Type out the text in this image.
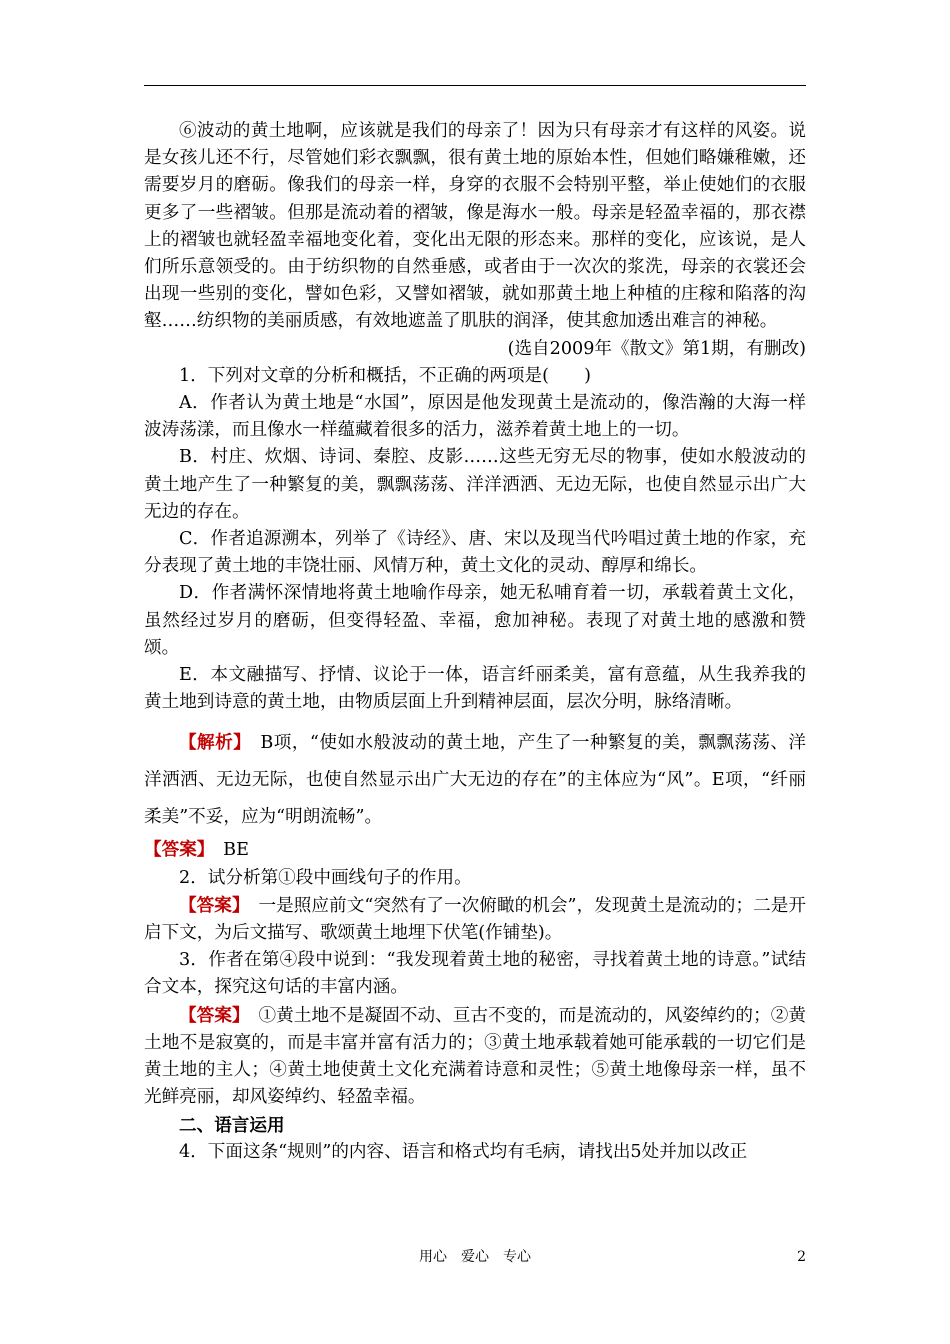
⑥波动的黄土地啊，应该就是我们的母亲了！因为只有母亲才有这样的风姿。说是女孩儿还不行，尽管她们彩衣飘飘，很有黄土地的原始本性，但她们略嫌稚嫩，还需要岁月的磨砺。像我们的母亲一样，身穿的衣服不会特别平整，举止使她们的衣服更多了一些褶皱。但那是流动着的褶皱，像是海水一般。母亲是轻盈幸福的，那衣襟上的褶皱也就轻盈幸福地变化着，变化出无限的形态来。那样的变化，应该说，是人们所乐意领受的。由于纺织物的自然垂感，或者由于一次次的浆洗，母亲的衣裳还会出现一些别的变化，譬如色彩，又譬如褶皱，就如那黄土地上种植的庄稼和陷落的沟壑……纺织物的美丽质感，有效地遮盖了肌肤的润泽，使其愈加透出难言的神秘。

(选自2009年《散文》第1期，有删改)

1．下列对文章的分析和概括，不正确的两项是(　　)

A．作者认为黄土地是“水国”，原因是他发现黄土是流动的，像浩瀚的大海一样波涛荡漾，而且像水一样蕴藏着很多的活力，滋养着黄土地上的一切。

B．村庄、炊烟、诗词、秦腔、皮影……这些无穷无尽的物事，使如水般波动的黄土地产生了一种繁复的美，飘飘荡荡、洋洋洒洒、无边无际，也使自然显示出广大无边的存在。

C．作者追源溯本，列举了《诗经》、唐、宋以及现当代吟唱过黄土地的作家，充分表现了黄土地的丰饶壮丽、风情万种，黄土文化的灵动、醇厚和绵长。

D．作者满怀深情地将黄土地喻作母亲，她无私哺育着一切，承载着黄土文化，虽然经过岁月的磨砺，但变得轻盈、幸福，愈加神秘。表现了对黄土地的感激和赞颂。

E．本文融描写、抒情、议论于一体，语言纤丽柔美，富有意蕴，从生我养我的黄土地到诗意的黄土地，由物质层面上升到精神层面，层次分明，脉络清晰。

【解析】　B项，“使如水般波动的黄土地，产生了一种繁复的美，飘飘荡荡、洋洋洒洒、无边无际，也使自然显示出广大无边的存在”的主体应为“风”。E项，“纤丽柔美”不妥，应为“明朗流畅”。

【答案】　BE

2．试分析第①段中画线句子的作用。

【答案】　一是照应前文“突然有了一次俯瞰的机会”，发现黄土是流动的；二是开启下文，为后文描写、歌颂黄土地埋下伏笔(作铺垫)。

3．作者在第④段中说到：“我发现着黄土地的秘密，寻找着黄土地的诗意。”试结合文本，探究这句话的丰富内涵。

【答案】　①黄土地不是凝固不动、亘古不变的，而是流动的，风姿绰约的；②黄土地不是寂寞的，而是丰富并富有活力的；③黄土地承载着她可能承载的一切它们是黄土地的主人；④黄土地使黄土文化充满着诗意和灵性；⑤黄土地像母亲一样，虽不光鲜亮丽，却风姿绰约、轻盈幸福。

二、语言运用

4．下面这条“规则”的内容、语言和格式均有毛病，请找出5处并加以改正

用心　爱心　专心	2
